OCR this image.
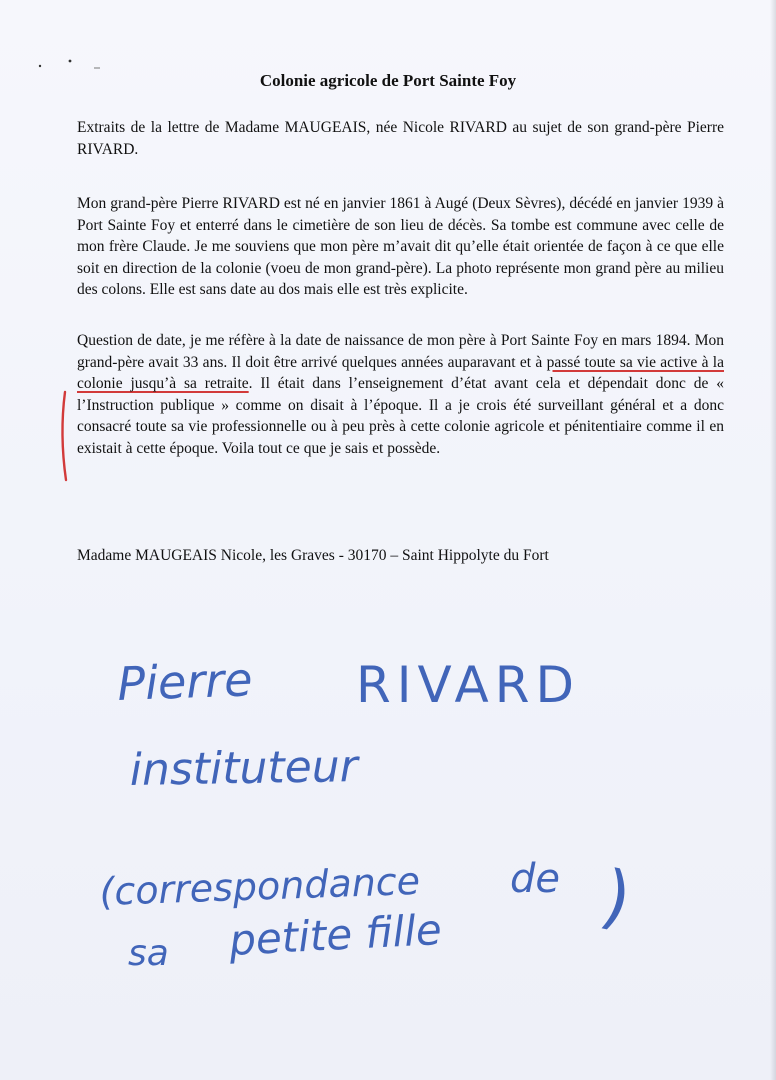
Colonie agricole de Port Sainte Foy

Extraits de la lettre de Madame MAUGEAIS, née Nicole RIVARD au sujet de son grand-père Pierre RIVARD.

Mon grand-père Pierre RIVARD est né en janvier 1861 à Augé (Deux Sèvres), décédé en janvier 1939 à Port Sainte Foy et enterré dans le cimetière de son lieu de décès. Sa tombe est commune avec celle de mon frère Claude. Je me souviens que mon père m’avait dit qu’elle était orientée de façon à ce que elle soit en direction de la colonie (voeu de mon grand-père). La photo représente mon grand père au milieu des colons. Elle est sans date au dos mais elle est très explicite.

Question de date, je me réfère à la date de naissance de mon père à Port Sainte Foy en mars 1894. Mon grand-père avait 33 ans. Il doit être arrivé quelques années auparavant et à passé toute sa vie active à la colonie jusqu’à sa retraite. Il était dans l’enseignement d’état avant cela et dépendait donc de « l’Instruction publique » comme on disait à l’époque. Il a je crois été surveillant général et a donc consacré toute sa vie professionnelle ou à peu près à cette colonie agricole et pénitentiaire comme il en existait à cette époque. Voila tout ce que je sais et possède.

Madame MAUGEAIS Nicole, les Graves - 30170 – Saint Hippolyte du Fort

Pierre RIVARD
instituteur
(correspondance de
sa petite fille )
